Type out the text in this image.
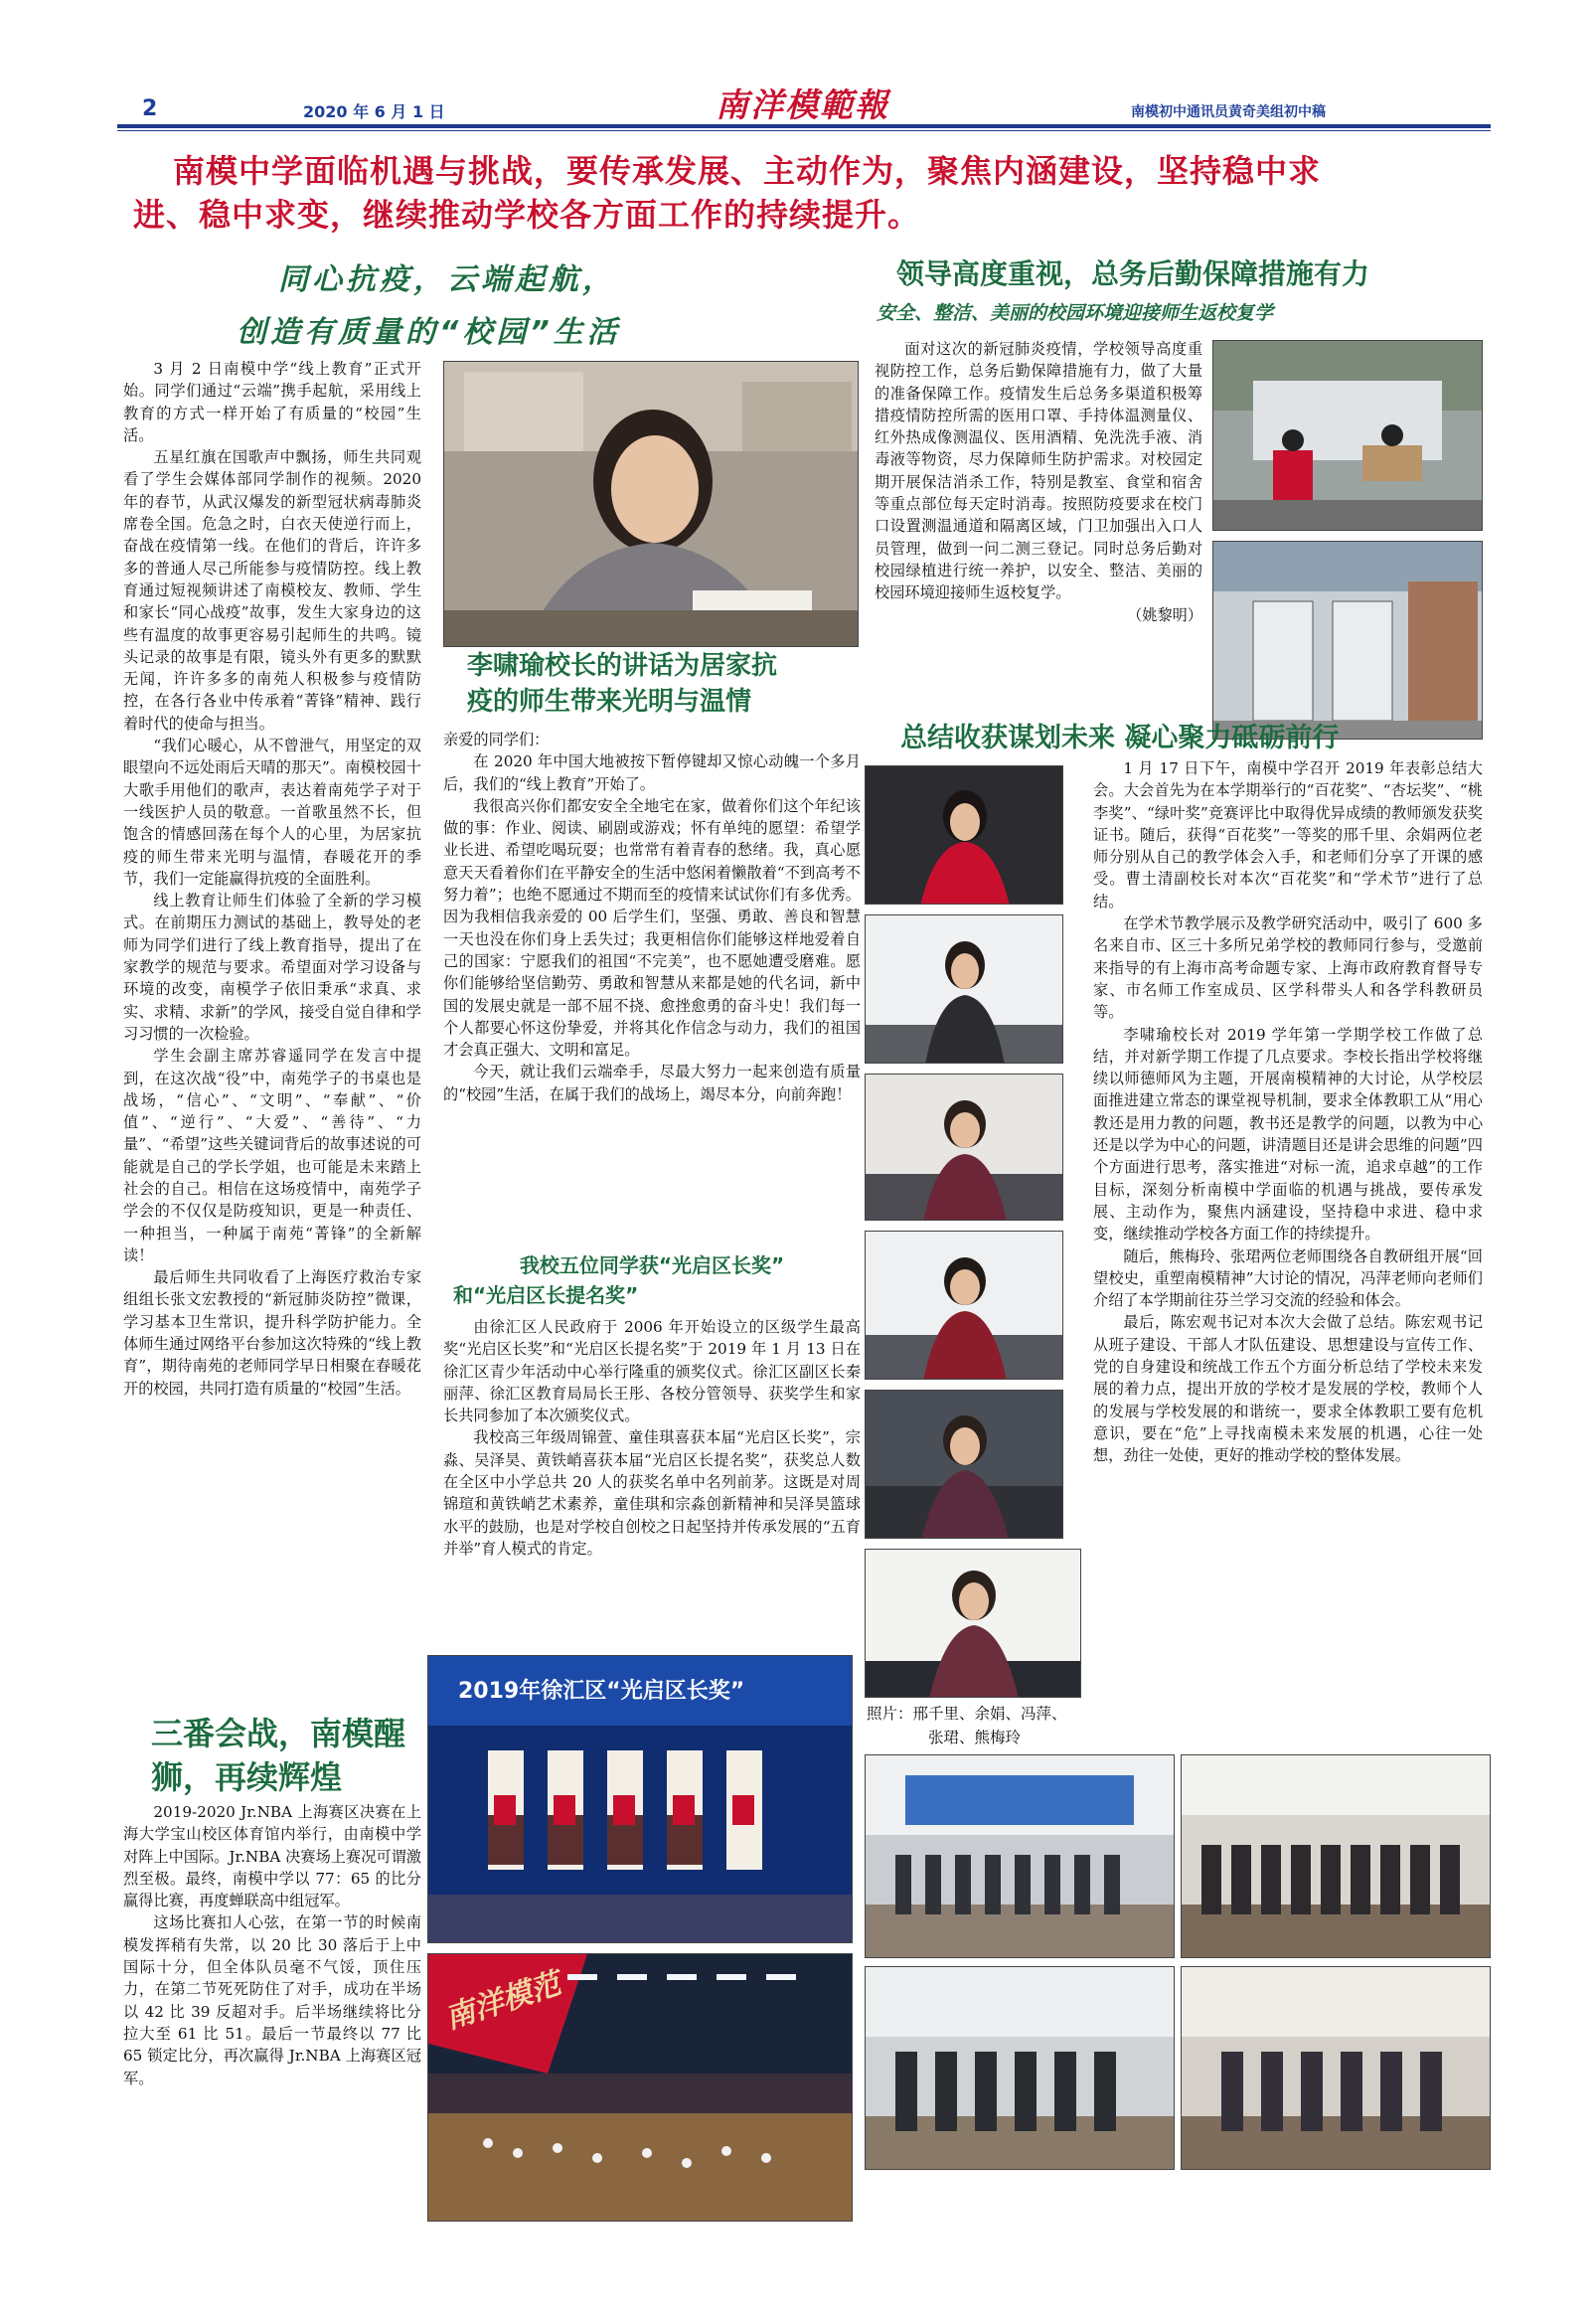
2	2020 年 6 月 1 日	南洋模範報	南模初中通讯员黄奇美组初中稿
南模中学面临机遇与挑战，要传承发展、主动作为，聚焦内涵建设，坚持稳中求
进、稳中求变，继续推动学校各方面工作的持续提升。
同心抗疫，云端起航，
创造有质量的“校园”生活

3 月 2 日南模中学“线上教育”正式开始。同学们通过“云端”携手起航，采用线上教育的方式一样开始了有质量的“校园”生活。

五星红旗在国歌声中飘扬，师生共同观看了学生会媒体部同学制作的视频。2020 年的春节，从武汉爆发的新型冠状病毒肺炎席卷全国。危急之时，白衣天使逆行而上，奋战在疫情第一线。在他们的背后，许许多多的普通人尽己所能参与疫情防控。线上教育通过短视频讲述了南模校友、教师、学生和家长“同心战疫”故事，发生大家身边的这些有温度的故事更容易引起师生的共鸣。镜头记录的故事是有限，镜头外有更多的默默无闻，许许多多的南苑人积极参与疫情防控，在各行各业中传承着“菁锋”精神、践行着时代的使命与担当。

“我们心暖心，从不曾泄气，用坚定的双眼望向不远处雨后天晴的那天”。南模校园十大歌手用他们的歌声，表达着南苑学子对于一线医护人员的敬意。一首歌虽然不长，但饱含的情感回荡在每个人的心里，为居家抗疫的师生带来光明与温情，春暖花开的季节，我们一定能赢得抗疫的全面胜利。

线上教育让师生们体验了全新的学习模式。在前期压力测试的基础上，教导处的老师为同学们进行了线上教育指导，提出了在家教学的规范与要求。希望面对学习设备与环境的改变，南模学子依旧秉承“求真、求实、求精、求新”的学风，接受自觉自律和学习习惯的一次检验。

学生会副主席苏睿遥同学在发言中提到，在这次战“役”中，南苑学子的书桌也是战场，“信心”、“文明”、“奉献”、“价值”、“逆行”、“大爱”、“善待”、“力量”、“希望”这些关键词背后的故事述说的可能就是自己的学长学姐，也可能是未来踏上社会的自己。相信在这场疫情中，南苑学子学会的不仅仅是防疫知识，更是一种责任、一种担当，一种属于南苑“菁锋”的全新解读！

最后师生共同收看了上海医疗救治专家组组长张文宏教授的“新冠肺炎防控”微课，学习基本卫生常识，提升科学防护能力。全体师生通过网络平台参加这次特殊的“线上教育”，期待南苑的老师同学早日相聚在春暖花开的校园，共同打造有质量的“校园”生活。

三番会战，南模醒
狮，再续辉煌

2019-2020 Jr.NBA 上海赛区决赛在上海大学宝山校区体育馆内举行，由南模中学对阵上中国际。Jr.NBA 决赛场上赛况可谓激烈至极。最终，南模中学以 77：65 的比分赢得比赛，再度蝉联高中组冠军。

这场比赛扣人心弦，在第一节的时候南模发挥稍有失常，以 20 比 30 落后于上中国际十分，但全体队员毫不气馁，顶住压力，在第二节死死防住了对手，成功在半场以 42 比 39 反超对手。后半场继续将比分拉大至 61 比 51。最后一节最终以 77 比 65 锁定比分，再次赢得 Jr.NBA 上海赛区冠军。

李啸瑜校长的讲话为居家抗
疫的师生带来光明与温情

亲爱的同学们：

在 2020 年中国大地被按下暂停键却又惊心动魄一个多月后，我们的“线上教育”开始了。

我很高兴你们都安安全全地宅在家，做着你们这个年纪该做的事：作业、阅读、刷剧或游戏；怀有单纯的愿望：希望学业长进、希望吃喝玩耍；也常常有着青春的愁绪。我，真心愿意天天看着你们在平静安全的生活中悠闲着懒散着“不到高考不努力着”；也绝不愿通过不期而至的疫情来试试你们有多优秀。因为我相信我亲爱的 00 后学生们，坚强、勇敢、善良和智慧一天也没在你们身上丢失过；我更相信你们能够这样地爱着自己的国家：宁愿我们的祖国“不完美”，也不愿她遭受磨难。愿你们能够给坚信勤劳、勇敢和智慧从来都是她的代名词，新中国的发展史就是一部不屈不挠、愈挫愈勇的奋斗史！我们每一个人都要心怀这份挚爱，并将其化作信念与动力，我们的祖国才会真正强大、文明和富足。

今天，就让我们云端牵手，尽最大努力一起来创造有质量的“校园”生活，在属于我们的战场上，竭尽本分，向前奔跑！

我校五位同学获“光启区长奖”
和“光启区长提名奖”

由徐汇区人民政府于 2006 年开始设立的区级学生最高奖“光启区长奖”和“光启区长提名奖”于 2019 年 1 月 13 日在徐汇区青少年活动中心举行隆重的颁奖仪式。徐汇区副区长秦丽萍、徐汇区教育局局长王彤、各校分管领导、获奖学生和家长共同参加了本次颁奖仪式。

我校高三年级周锦萱、童佳琪喜获本届“光启区长奖”，宗淼、吴泽昊、黄铁峭喜获本届“光启区长提名奖”，获奖总人数在全区中小学总共 20 人的获奖名单中名列前茅。这既是对周锦瑄和黄铁峭艺术素养，童佳琪和宗淼创新精神和吴泽昊篮球水平的鼓励，也是对学校自创校之日起坚持并传承发展的“五育并举”育人模式的肯定。

2019年徐汇区“光启区长奖”
南洋模范
领导高度重视，总务后勤保障措施有力
安全、整洁、美丽的校园环境迎接师生返校复学

面对这次的新冠肺炎疫情，学校领导高度重视防控工作，总务后勤保障措施有力，做了大量的准备保障工作。疫情发生后总务多渠道积极筹措疫情防控所需的医用口罩、手持体温测量仪、红外热成像测温仪、医用酒精、免洗洗手液、消毒液等物资，尽力保障师生防护需求。对校园定期开展保洁消杀工作，特别是教室、食堂和宿舍等重点部位每天定时消毒。按照防疫要求在校门口设置测温通道和隔离区域，门卫加强出入口人员管理，做到一问二测三登记。同时总务后勤对校园绿植进行统一养护，以安全、整洁、美丽的校园环境迎接师生返校复学。

（姚黎明）
总结收获谋划未来 凝心聚力砥砺前行
照片：邢千里、余娟、冯萍、
张珺、熊梅玲

1 月 17 日下午，南模中学召开 2019 年表彰总结大会。大会首先为在本学期举行的“百花奖”、“杏坛奖”、“桃李奖”、“绿叶奖”竞赛评比中取得优异成绩的教师颁发获奖证书。随后，获得“百花奖”一等奖的邢千里、余娟两位老师分别从自己的教学体会入手，和老师们分享了开课的感受。曹土清副校长对本次“百花奖”和“学术节”进行了总结。

在学术节教学展示及教学研究活动中，吸引了 600 多名来自市、区三十多所兄弟学校的教师同行参与，受邀前来指导的有上海市高考命题专家、上海市政府教育督导专家、市名师工作室成员、区学科带头人和各学科教研员等。

李啸瑜校长对 2019 学年第一学期学校工作做了总结，并对新学期工作提了几点要求。李校长指出学校将继续以师德师风为主题，开展南模精神的大讨论，从学校层面推进建立常态的课堂视导机制，要求全体教职工从“用心教还是用力教的问题，教书还是教学的问题，以教为中心还是以学为中心的问题，讲清题目还是讲会思维的问题”四个方面进行思考，落实推进“对标一流，追求卓越”的工作目标，深刻分析南模中学面临的机遇与挑战，要传承发展、主动作为，聚焦内涵建设，坚持稳中求进、稳中求变，继续推动学校各方面工作的持续提升。

随后，熊梅玲、张珺两位老师围绕各自教研组开展“回望校史，重塑南模精神”大讨论的情况，冯萍老师向老师们介绍了本学期前往芬兰学习交流的经验和体会。

最后，陈宏观书记对本次大会做了总结。陈宏观书记从班子建设、干部人才队伍建设、思想建设与宣传工作、党的自身建设和统战工作五个方面分析总结了学校未来发展的着力点，提出开放的学校才是发展的学校，教师个人的发展与学校发展的和谐统一，要求全体教职工要有危机意识，要在“危”上寻找南模未来发展的机遇，心往一处想，劲往一处使，更好的推动学校的整体发展。
